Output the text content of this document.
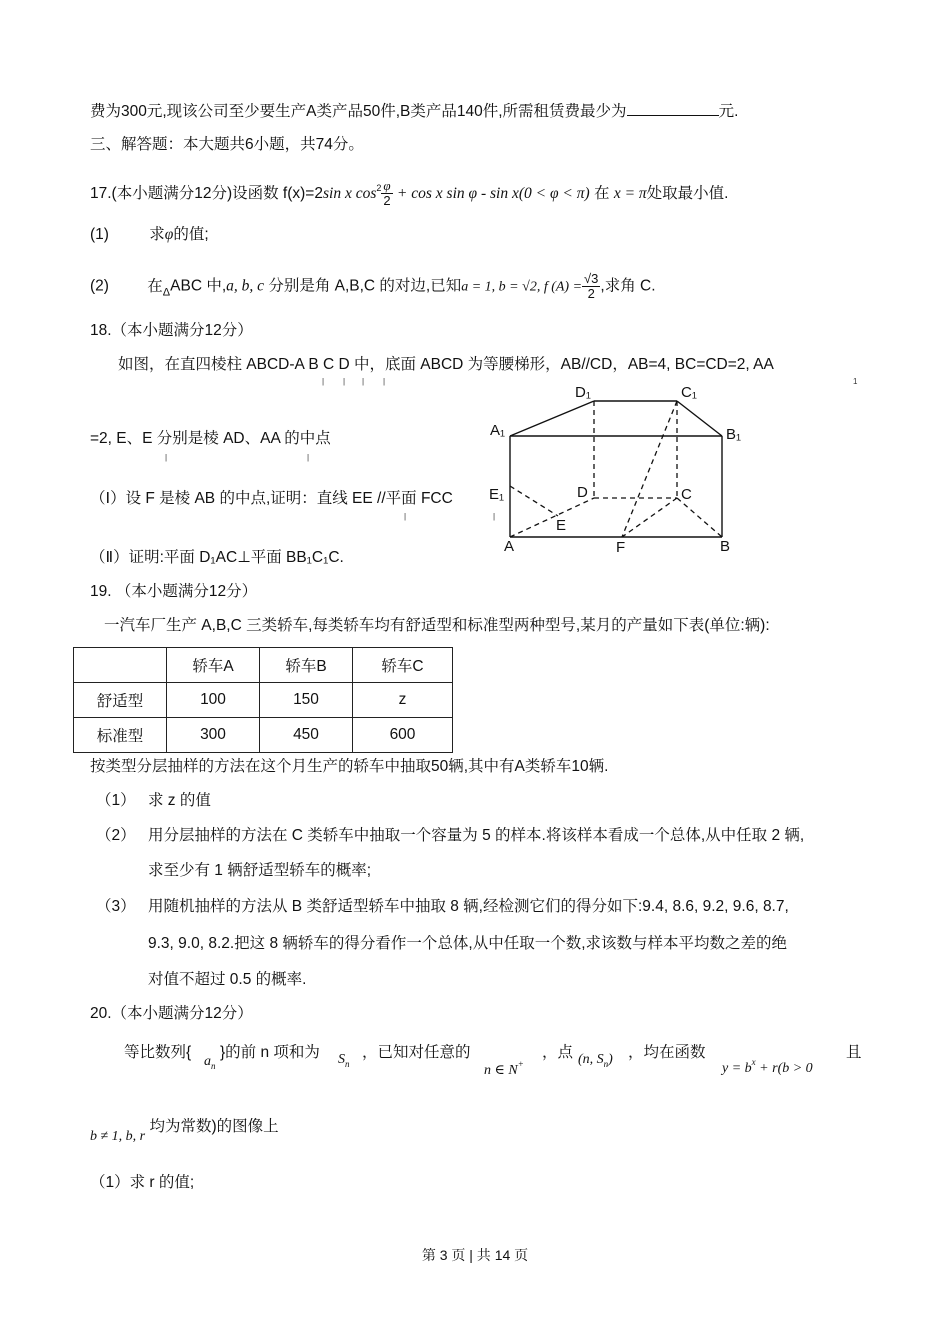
费为300元,现该公司至少要生产A类产品50件,B类产品140件,所需租赁费最少为	元.
三、解答题：本大题共6小题，共74分。
17.(本小题满分12分)设函数 f(x)=2sin x $\cos^2 \frac{\varphi}{2} + \cos x$ sin φ - sin x(0 < φ < π) 在 x = π处取最小值.
(1)	求φ的值;
(2) 在$_\Delta$ABC 中,a, b, c 分别是角 A,B,C 的对边,已知a = 1, b = √2, f $(A) = \frac{√3}{2}$ ,求角 C.
18.（本小题满分12分）
如图，在直四棱柱 ABCD-A B C D 中，底面 ABCD 为等腰梯形，AB//CD，AB=4, BC=CD=2, AA
| | | |	1
=2, E、E 分别是棱 AD、AA 的中点
|	|
（Ⅰ）设 F 是棱 AB 的中点,证明：直线 EE //平面 FCC
|	|
（Ⅱ）证明:平面 D₁AC⊥平面 BB₁C₁C.
D₁	C₁
A₁	B₁
E₁	D	C
E
A	F	B
19. （本小题满分12分）
一汽车厂生产 A,B,C 三类轿车,每类轿车均有舒适型和标准型两种型号,某月的产量如下表(单位:辆):
	轿车A	轿车B	轿车C
舒适型	100	150	z
标准型	300	450	600
按类型分层抽样的方法在这个月生产的轿车中抽取50辆,其中有A类轿车10辆.
（1） 求 z 的值
（2） 用分层抽样的方法在 C 类轿车中抽取一个容量为 5 的样本.将该样本看成一个总体,从中任取 2 辆,
求至少有 1 辆舒适型轿车的概率;
（3） 用随机抽样的方法从 B 类舒适型轿车中抽取 8 辆,经检测它们的得分如下:9.4, 8.6, 9.2, 9.6, 8.7,
9.3, 9.0, 8.2.把这 8 辆轿车的得分看作一个总体,从中任取一个数,求该数与样本平均数之差的绝
对值不超过 0.5 的概率.
20.（本小题满分12分）
等比数列{
$a_n$
}的前 n 项和为 $S_n$
，已知对任意的
n ∈ N+
，点 (n, $S_n$) ，均在函数
$y = b^x + r(b > 0$
且
b ≠ 1, b, r 均为常数)的图像上
（1）求 r 的值;
第 3 页 | 共 14 页
